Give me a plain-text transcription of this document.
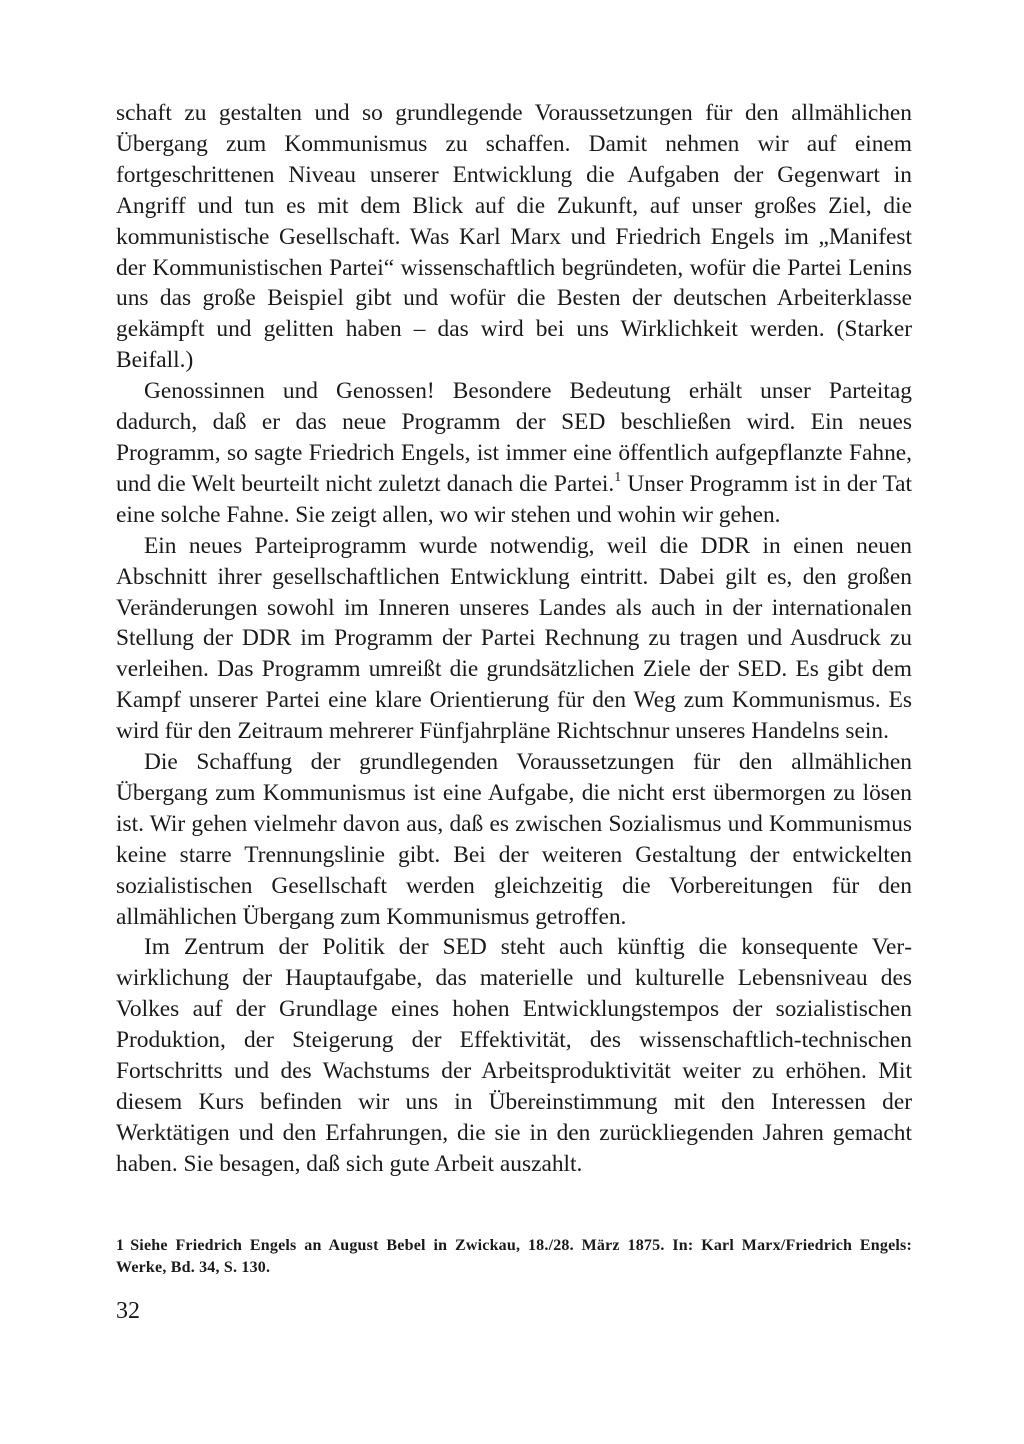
schaft zu gestalten und so grundlegende Voraussetzungen für den allmählichen Übergang zum Kommunismus zu schaffen. Damit nehmen wir auf einem fortgeschrittenen Niveau unserer Entwicklung die Aufgaben der Gegenwart in Angriff und tun es mit dem Blick auf die Zukunft, auf unser großes Ziel, die kommunistische Gesellschaft. Was Karl Marx und Friedrich Engels im „Manifest der Kommunistischen Partei“ wissenschaftlich begründeten, wofür die Partei Lenins uns das große Beispiel gibt und wofür die Besten der deutschen Arbeiterklasse gekämpft und gelitten haben – das wird bei uns Wirklichkeit werden. (Starker Beifall.)

Genossinnen und Genossen! Besondere Bedeutung erhält unser Parteitag dadurch, daß er das neue Programm der SED beschließen wird. Ein neues Programm, so sagte Friedrich Engels, ist immer eine öffentlich aufgepflanzte Fahne, und die Welt beurteilt nicht zuletzt danach die Partei.$^1$ Unser Programm ist in der Tat eine solche Fahne. Sie zeigt allen, wo wir stehen und wohin wir gehen.

Ein neues Parteiprogramm wurde notwendig, weil die DDR in einen neuen Abschnitt ihrer gesellschaftlichen Entwicklung eintritt. Dabei gilt es, den großen Veränderungen sowohl im Inneren unseres Landes als auch in der internationalen Stellung der DDR im Programm der Partei Rechnung zu tragen und Ausdruck zu verleihen. Das Programm umreißt die grundsätzlichen Ziele der SED. Es gibt dem Kampf unserer Partei eine klare Orientierung für den Weg zum Kommunismus. Es wird für den Zeitraum mehrerer Fünfjahrpläne Richtschnur unseres Handelns sein.

Die Schaffung der grundlegenden Voraussetzungen für den allmählichen Übergang zum Kommunismus ist eine Aufgabe, die nicht erst übermorgen zu lösen ist. Wir gehen vielmehr davon aus, daß es zwischen Sozialismus und Kommunismus keine starre Trennungslinie gibt. Bei der weiteren Gestaltung der entwickelten sozialistischen Gesellschaft werden gleichzeitig die Vorbereitungen für den allmählichen Übergang zum Kommunismus getroffen.

Im Zentrum der Politik der SED steht auch künftig die konsequente Verwirklichung der Hauptaufgabe, das materielle und kulturelle Lebensniveau des Volkes auf der Grundlage eines hohen Entwicklungstempos der sozialistischen Produktion, der Steigerung der Effektivität, des wissenschaftlich-technischen Fortschritts und des Wachstums der Arbeitsproduktivität weiter zu erhöhen. Mit diesem Kurs befinden wir uns in Übereinstimmung mit den Interessen der Werktätigen und den Erfahrungen, die sie in den zurückliegenden Jahren gemacht haben. Sie besagen, daß sich gute Arbeit auszahlt.

1 Siehe Friedrich Engels an August Bebel in Zwickau, 18./28. März 1875. In: Karl Marx/Friedrich Engels: Werke, Bd. 34, S. 130.
32
